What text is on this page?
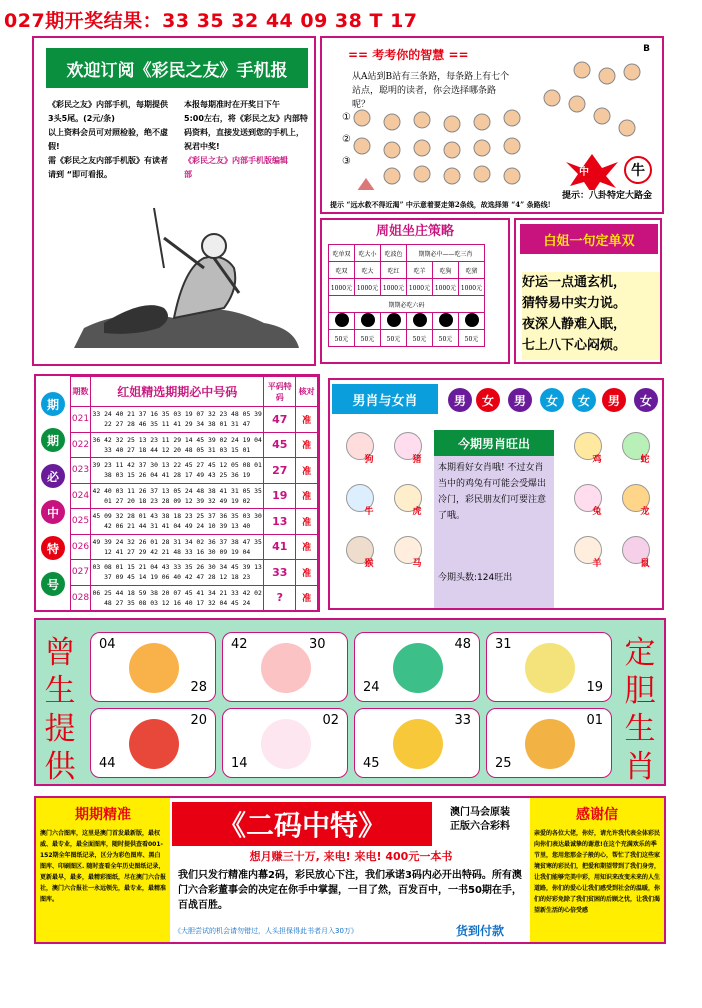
027期开奖结果：33 35 32 44 09 38 T 17
欢迎订阅《彩民之友》手机报
《彩民之友》内部手机，每期提供
3头5尾。(2元/条)
以上资料会员可对照检验，绝不虚
假!
需《彩民之友内部手机版》有读者
请到 “即可看报。
本报每期准时在开奖日下午
5:00左右，将《彩民之友》内部特
码资料，直接发送到您的手机上，
祝君中奖!
《彩民之友》内部手机版编辑
部
== 考考你的智慧 ==	B
从A站到B站有三条路，每条路上有七个站点，聪明的读者，你会选择哪条路呢？
①
②
③
中	牛
提示：八卦特定大路金
提示 “远水救不得近渴” 中示意着要走第2条线，故选择第 “4” 条路线!
周姐坐庄策略
吃单双	吃大小	吃波色	期期必中——吃三肖		
吃双	吃大	吃红	吃羊	吃狗	吃猪
1000元	1000元	1000元	1000元	1000元	1000元
期期必吃六码					

50元	50元	50元	50元	50元	50元
白姐一句定单双
好运一点通玄机，
猜特易中实力说。
夜深人静难入眠，
七上八下心闷烦。
期
期
必
中
特
号
期数	红姐精选期期必中号码	平码特码	核对
021	33 24 40 21 37 16 35 03 19 07 32 23 48 05 39 22 27 28 46 35 11 41 29 34 38 01 31 47	47	准
022	36 42 32 25 13 23 11 29 14 45 39 02 24 19 04 33 40 27 18 44 12 20 48 05 31 03 15 01	45	准
023	39 23 11 42 37 30 13 22 45 27 45 12 05 08 01 38 03 15 26 04 41 28 17 49 43 25 36 19	27	准
024	42 40 03 11 26 37 13 05 24 48 38 41 31 05 35 01 27 20 18 23 28 09 12 39 32 49 19 02	19	准
025	45 09 32 28 01 43 38 18 23 25 37 36 35 03 30 42 06 21 44 31 41 04 49 24 10 39 13 40	13	准
026	49 39 24 32 26 01 28 31 34 02 36 37 38 47 35 12 41 27 29 42 21 48 33 16 30 09 19 04	41	准
027	03 08 01 15 21 04 43 33 35 26 30 34 45 39 13 37 09 45 14 19 06 40 42 47 28 12 18 23	33	准
028	06 25 44 18 59 38 20 07 45 41 34 21 33 42 02 48 27 35 08 03 12 16 40 17 32 04 45 24	?	准
男肖与女肖	男	女	男	女	女	男	女
狗	猪
牛	虎
猴	马
今期男肖旺出
本期看好女肖哦! 不过女肖当中的鸡兔有可能会受爆出冷门，彩民朋友们可要注意了哦。
今期头数:124旺出
鸡	蛇
兔	龙
羊	鼠
曾
生
提
供
定
胆
生
肖
04
28
42	30	48
24
31
19
20
44
02
14
33
45
01
25
期期精准
澳门六合图库，这里是澳门首发最新版，最权威、最专业，最全面图库，随时提供查看001-152期全年图纸记录，区分为彩色图库、黑白图库、印刷图区. 随时查看全年历史图纸记录，更新最早，最多，最精彩图纸，尽在澳门六合报社，澳门六合报社一永远领先，最专业，最精准图库。
《二码中特》	澳门马会原装
正版六合彩料
想月赚三十万, 来电! 来电! 400元一本书
我们只发行精准内幕2码，彩民放心下注，我们承诺3码内必开出特码。所有澳门六合彩董事会的决定在你手中掌握，一目了然，百发百中，一书50期在手，百战百胜。
《大胆尝试的机会请勿错过，人头担保得此书者月入30万》	货到付款
感谢信
亲爱的各位大佬，你好，请允许我代表全体彩民向你们表达最诚挚的谢意!在这个充满欢乐的季节里，您用您那金子般的心，帮忙了我们这些家境贫寒的彩民们，把爱和期望带到了我们身旁，让我们能够完美中彩，用知识来改变未来的人生道路，你们的爱心让我们感受到社会的温暖，你们的好彩免除了我们贫困的后顾之忧，让我们渴望新生活的心倍受感
